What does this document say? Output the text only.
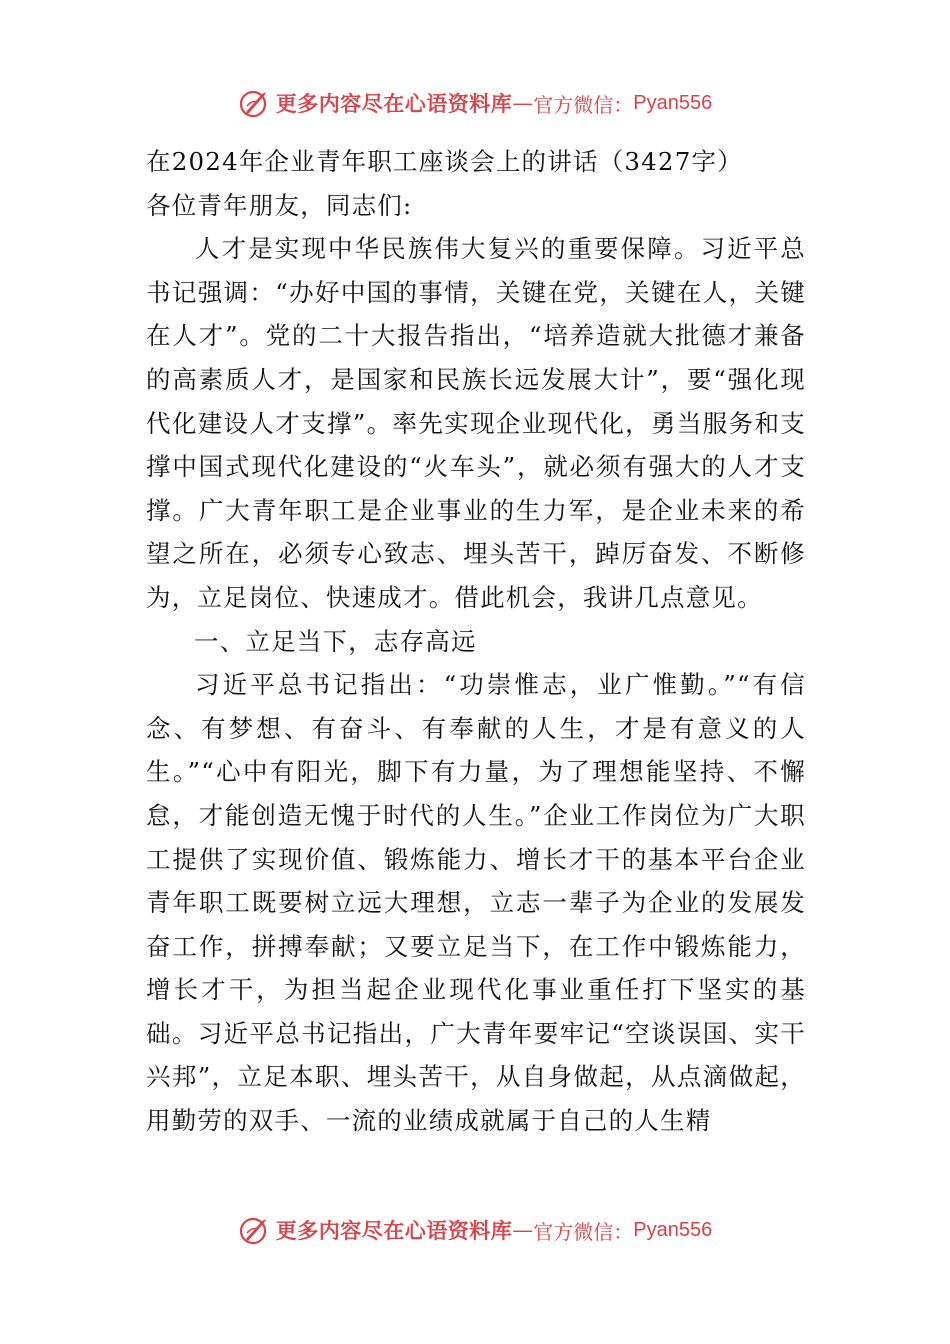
更多内容尽在心语资料库 — 官方微信： Pyan556

在2024年企业青年职工座谈会上的讲话（3427字）

各位青年朋友，同志们:

人才是实现中华民族伟大复兴的重要保障。习近平总书记强调：“办好中国的事情，关键在党，关键在人，关键在人才”。党的二十大报告指出，“培养造就大批德才兼备的高素质人才，是国家和民族长远发展大计”，要“强化现代化建设人才支撑”。率先实现企业现代化，勇当服务和支撑中国式现代化建设的“火车头”，就必须有强大的人才支撑。广大青年职工是企业事业的生力军，是企业未来的希望之所在，必须专心致志、埋头苦干，踔厉奋发、不断修为，立足岗位、快速成才。借此机会，我讲几点意见。

一、立足当下，志存高远

习近平总书记指出：“功崇惟志，业广惟勤。”“有信念、有梦想、有奋斗、有奉献的人生，才是有意义的人生。”“心中有阳光，脚下有力量，为了理想能坚持、不懈怠，才能创造无愧于时代的人生。”企业工作岗位为广大职工提供了实现价值、锻炼能力、增长才干的基本平台企业青年职工既要树立远大理想，立志一辈子为企业的发展发奋工作，拼搏奉献；又要立足当下，在工作中锻炼能力，增长才干，为担当起企业现代化事业重任打下坚实的基础。习近平总书记指出，广大青年要牢记“空谈误国、实干兴邦”，立足本职、埋头苦干，从自身做起，从点滴做起，用勤劳的双手、一流的业绩成就属于自己的人生精

更多内容尽在心语资料库 — 官方微信： Pyan556
